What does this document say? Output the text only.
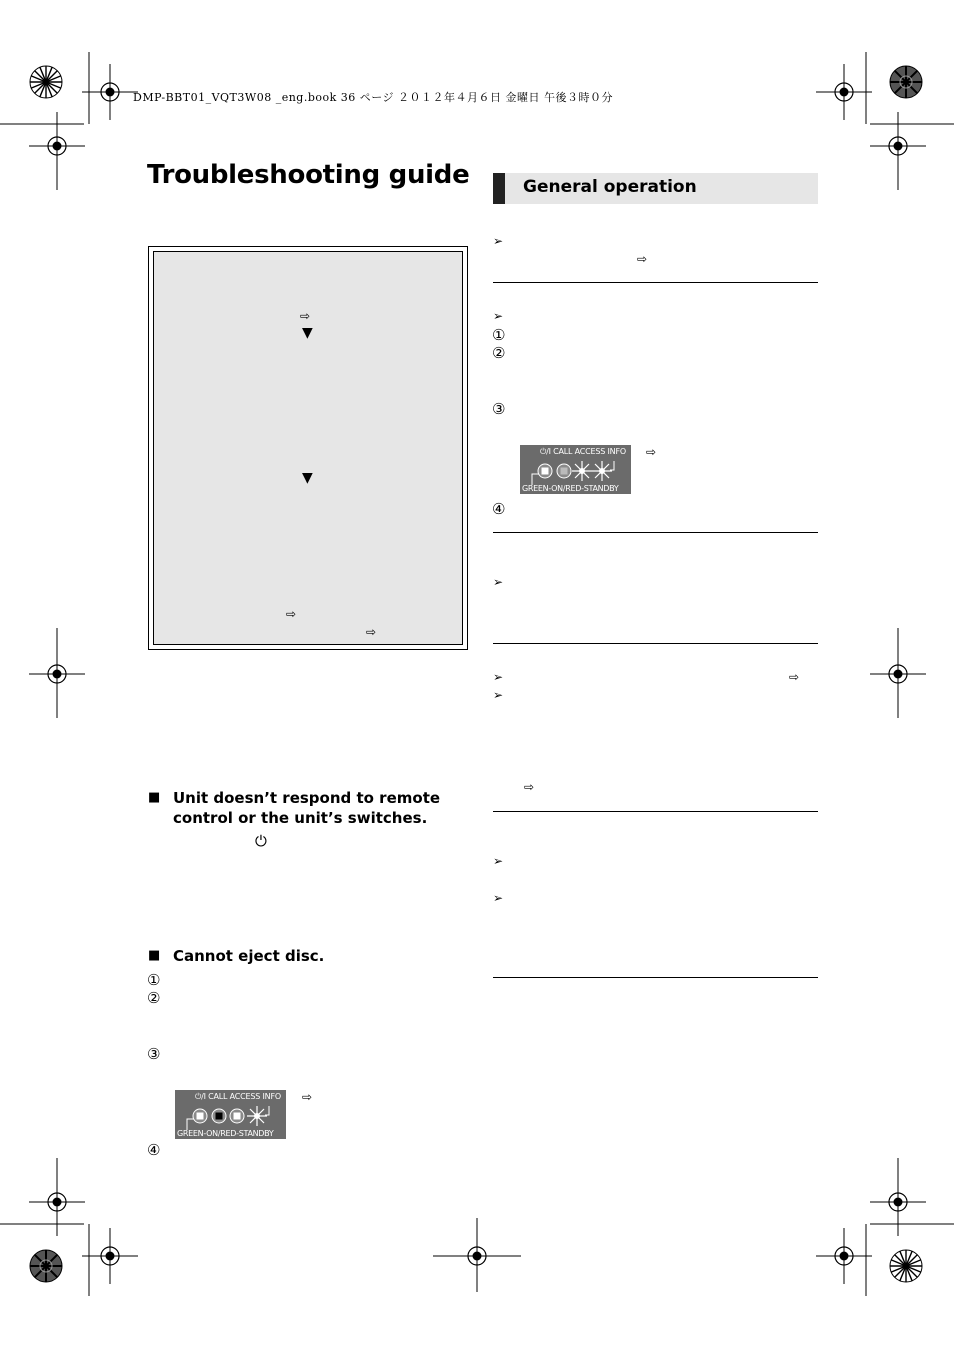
DMP-BBT01_VQT3W08 _eng.book 36 ページ ２０１２年４月６日 金曜日 午後３時０分
Troubleshooting guide	General operation
⇨
▼
▼
⇨
⇨
■ Unit doesn’t respond to remote
control or the unit’s switches.
⏻
■ Cannot eject disc.
①
②
③
④
⏻/I CALL ACCESS INFO
GREEN-ON/RED-STANDBY
⇨
➢
⇨
➢
①
②
③
⏻/I CALL ACCESS INFO
GREEN-ON/RED-STANDBY
⇨
④
➢
➢	⇨
➢
⇨
➢
➢
